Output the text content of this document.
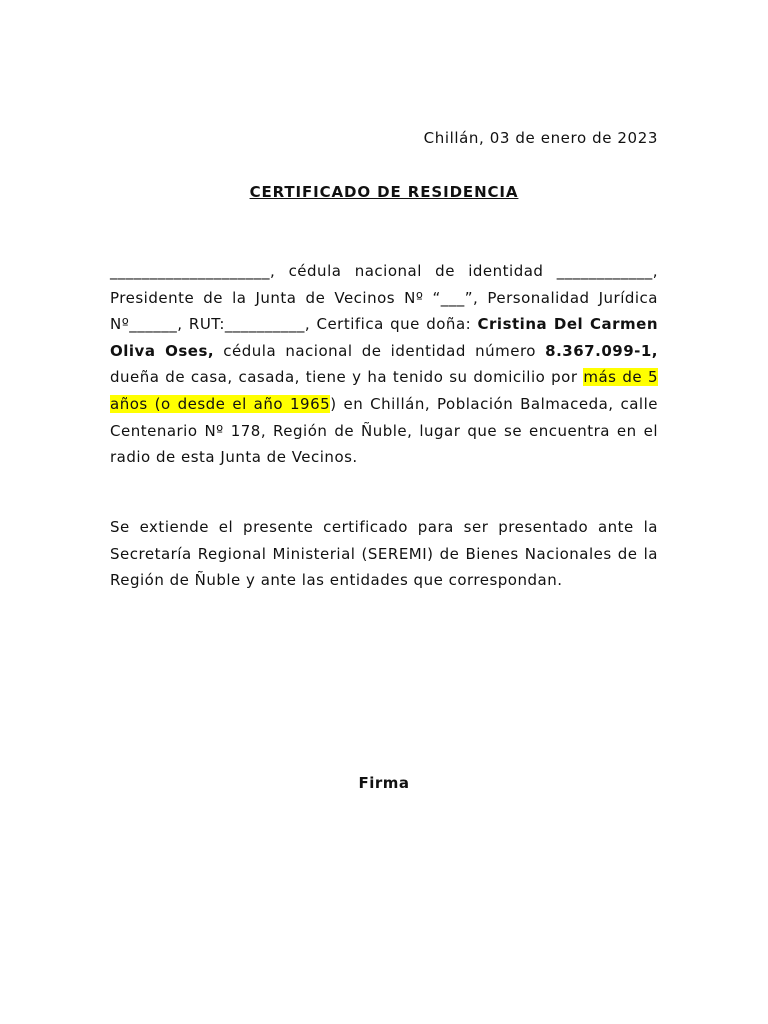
Chillán, 03 de enero de 2023
CERTIFICADO DE RESIDENCIA
____________________, cédula nacional de identidad ____________, Presidente de la Junta de Vecinos Nº “___”, Personalidad Jurídica Nº______, RUT:__________, Certifica que doña: Cristina Del Carmen Oliva Oses, cédula nacional de identidad número 8.367.099-1, dueña de casa, casada, tiene y ha tenido su domicilio por más de 5 años (o desde el año 1965) en Chillán, Población Balmaceda, calle Centenario Nº 178, Región de Ñuble, lugar que se encuentra en el radio de esta Junta de Vecinos.
Se extiende el presente certificado para ser presentado ante la Secretaría Regional Ministerial (SEREMI) de Bienes Nacionales de la Región de Ñuble y ante las entidades que correspondan.
Firma
